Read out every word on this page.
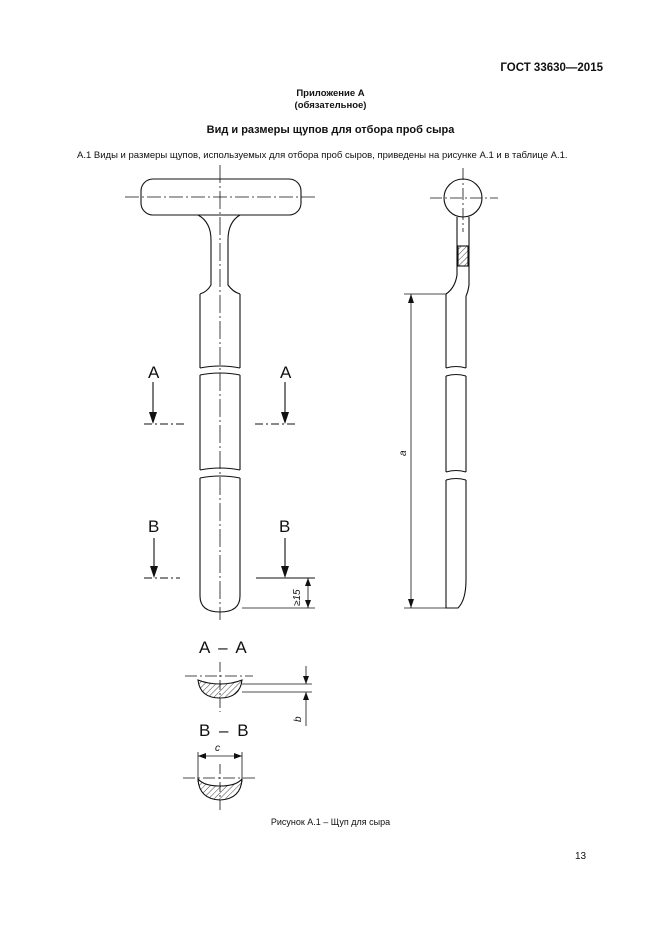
ГОСТ 33630—2015
Приложение А
(обязательное)
Вид и размеры щупов для отбора проб сыра
А.1 Виды и размеры щупов, используемых для отбора проб сыров, приведены на рисунке А.1 и в таблице А.1.
A	A
B	B
≥15
a
A – A
b
B – B
c
Рисунок А.1 – Щуп для сыра
13
